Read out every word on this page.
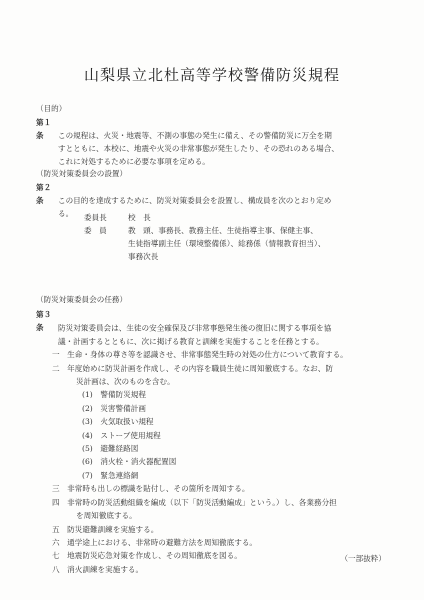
山梨県立北杜高等学校警備防災規程
（目的）
第１条 この規程は、火災・地震等、不測の事態の発生に備え、その警備防災に万全を期
すとともに、本校に、地震や火災の非常事態が発生したり、その恐れのある場合、
これに対処するために必要な事項を定める。
（防災対策委員会の設置）
第２条 この目的を達成するために、防災対策委員会を設置し、構成員を次のとおり定め
る。	委員長	校　長
委　員	教　頭、事務長、教務主任、生徒指導主事、保健主事、
生徒指導副主任（環境整備係）、総務係（情報教育担当）、
事務次長
（防災対策委員会の任務）
第３条 防災対策委員会は、生徒の安全確保及び非常事態発生後の復旧に関する事項を協
議・計画するとともに、次に掲げる教育と訓練を実施することを任務とする。
一　生命・身体の尊さ等を認識させ、非常事態発生時の対処の仕方について教育する。
二　年度始めに防災計画を作成し、その内容を職員生徒に周知徹底する。なお、防
災計画は、次のものを含む。
(1)　警備防災規程
(2)　災害警備計画
(3)　火気取扱い規程
(4)　ストーブ使用規程
(5)　避難経路図
(6)　消火栓・消火器配置図
(7)　緊急連絡網
三　非常時も出しの標識を貼付し、その箇所を周知する。
四　非常時の防災活動組織を編成（以下「防災活動編成」という。）し、各業務分担
を周知徹底する。
五　防災避難訓練を実施する。
六　通学途上における、非常時の避難方法を周知徹底する。
七　地震防災応急対策を作成し、その周知徹底を図る。
八　消火訓練を実施する。
（一部抜粋）
